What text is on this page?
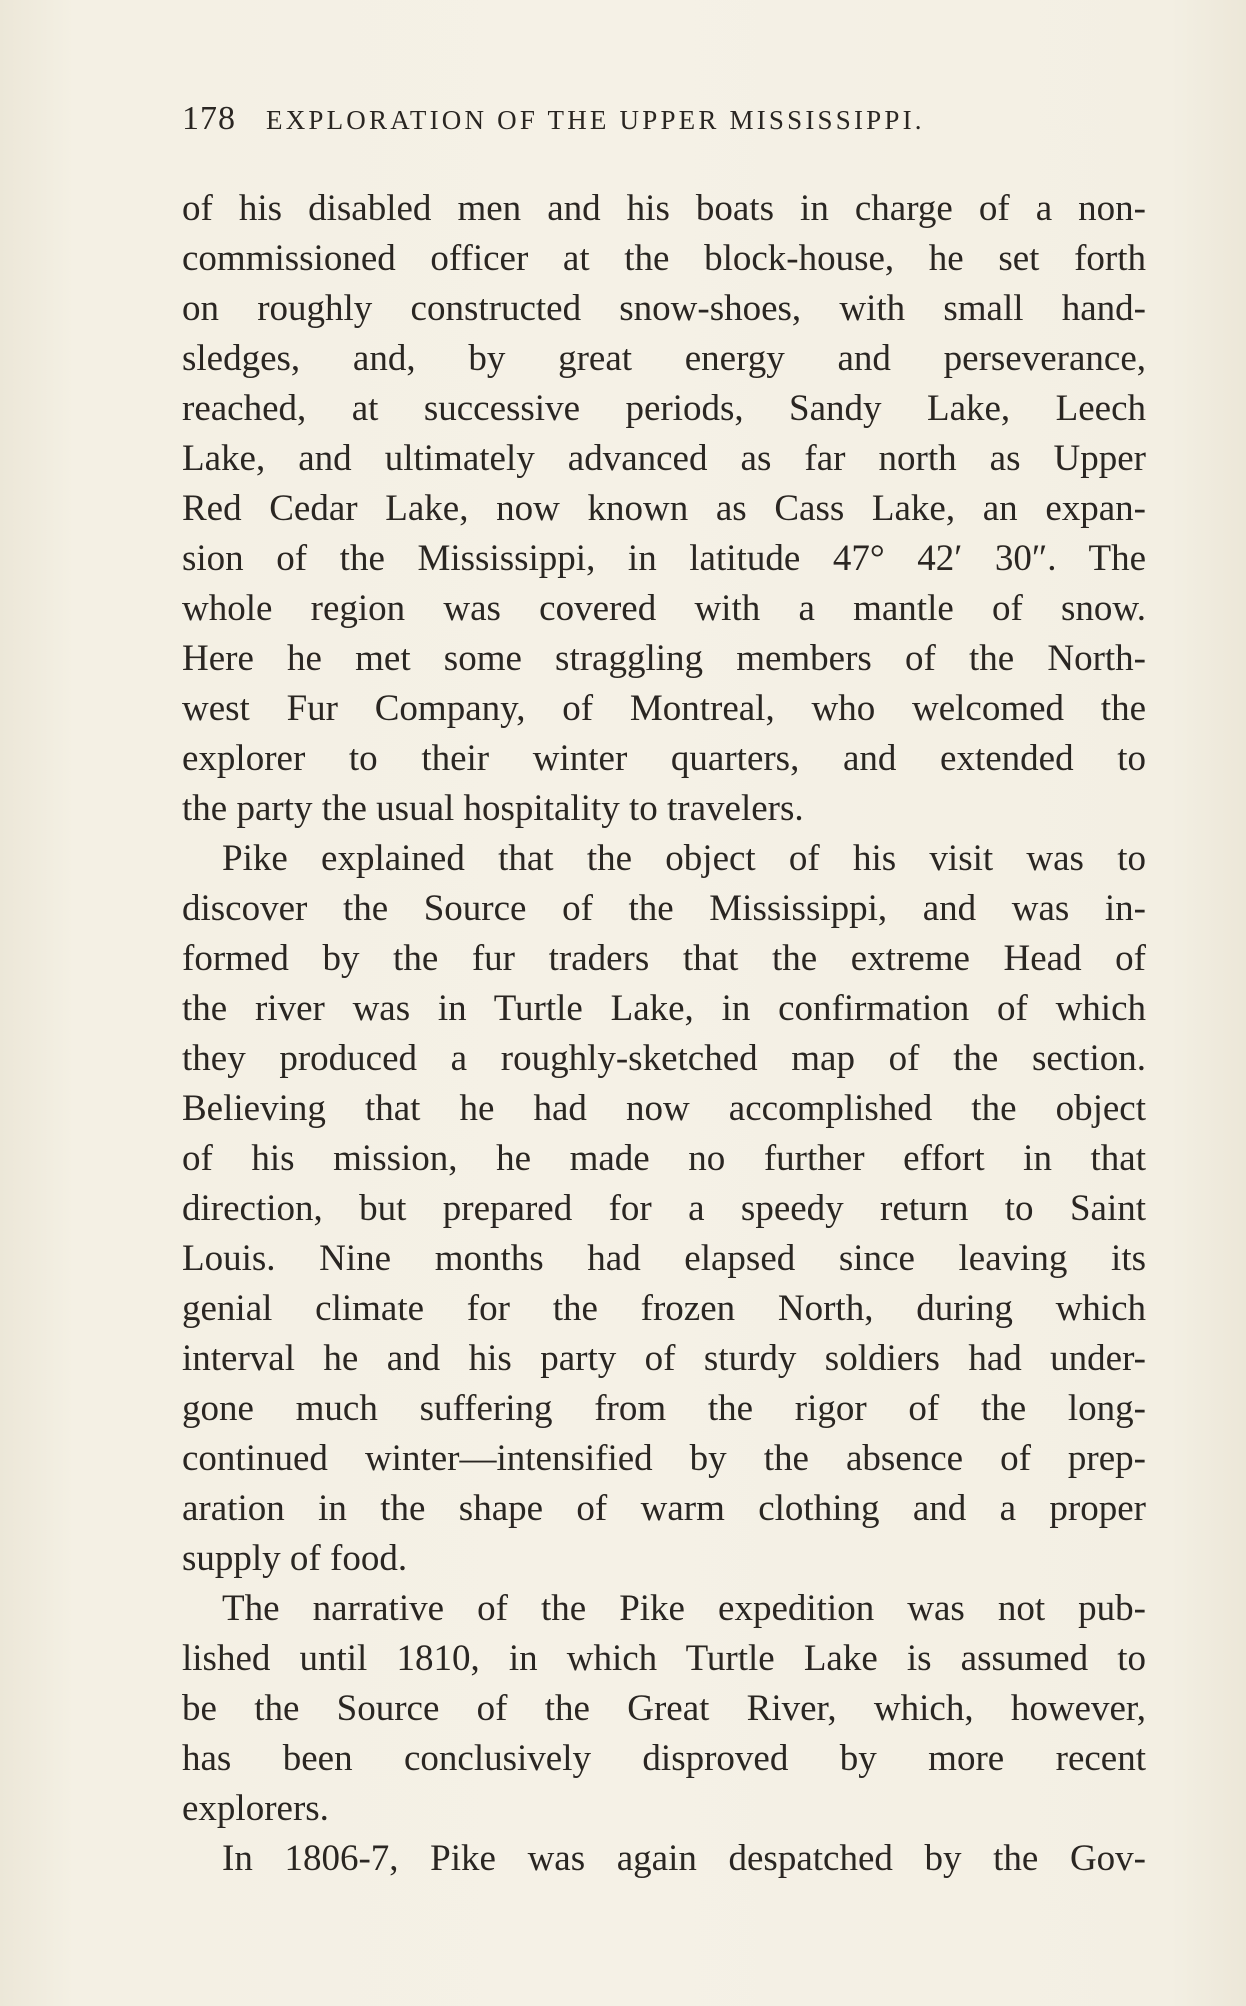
178 EXPLORATION OF THE UPPER MISSISSIPPI.
of his disabled men and his boats in charge of a non-
commissioned officer at the block-house, he set forth
on roughly constructed snow-shoes, with small hand-
sledges, and, by great energy and perseverance,
reached, at successive periods, Sandy Lake, Leech
Lake, and ultimately advanced as far north as Upper
Red Cedar Lake, now known as Cass Lake, an expan-
sion of the Mississippi, in latitude 47° 42′ 30″. The
whole region was covered with a mantle of snow.
Here he met some straggling members of the North-
west Fur Company, of Montreal, who welcomed the
explorer to their winter quarters, and extended to
the party the usual hospitality to travelers.
Pike explained that the object of his visit was to
discover the Source of the Mississippi, and was in-
formed by the fur traders that the extreme Head of
the river was in Turtle Lake, in confirmation of which
they produced a roughly-sketched map of the section.
Believing that he had now accomplished the object
of his mission, he made no further effort in that
direction, but prepared for a speedy return to Saint
Louis. Nine months had elapsed since leaving its
genial climate for the frozen North, during which
interval he and his party of sturdy soldiers had under-
gone much suffering from the rigor of the long-
continued winter—intensified by the absence of prep-
aration in the shape of warm clothing and a proper
supply of food.
The narrative of the Pike expedition was not pub-
lished until 1810, in which Turtle Lake is assumed to
be the Source of the Great River, which, however,
has been conclusively disproved by more recent
explorers.
In 1806-7, Pike was again despatched by the Gov-
